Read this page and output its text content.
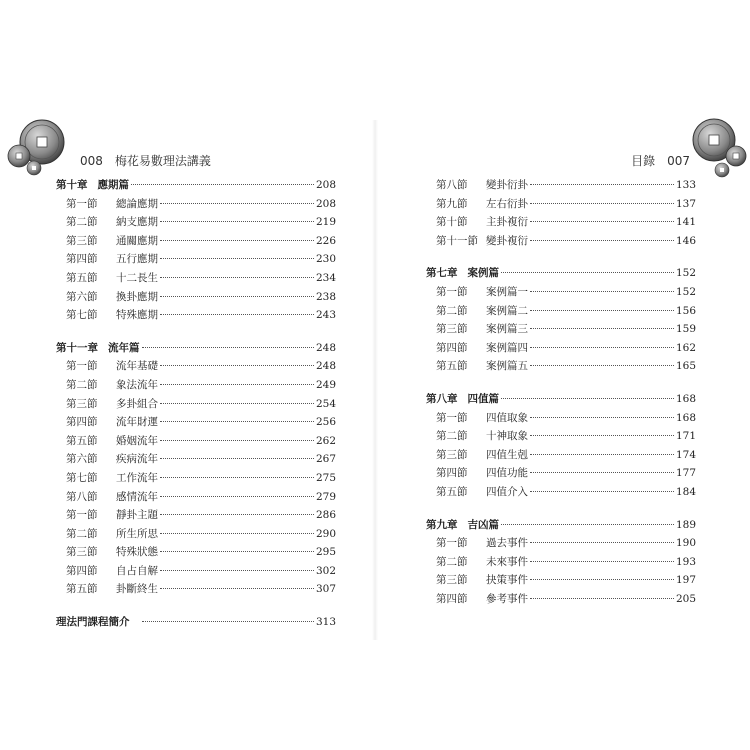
008 梅花易數理法講義	目錄 007
第十章 應期篇	208
第一節	總論應期	208
第二節	納支應期	219
第三節	通關應期	226
第四節	五行應期	230
第五節	十二長生	234
第六節	換卦應期	238
第七節	特殊應期	243
第十一章 流年篇	248
第一節	流年基礎	248
第二節	象法流年	249
第三節	多卦組合	254
第四節	流年財運	256
第五節	婚姻流年	262
第六節	疾病流年	267
第七節	工作流年	275
第八節	感情流年	279
第一節	靜卦主題	286
第二節	所生所思	290
第三節	特殊狀態	295
第四節	自占自解	302
第五節	卦斷終生	307
理法門課程簡介	313
第八節	變卦衍卦	133
第九節	左右衍卦	137
第十節	主卦複衍	141
第十一節 變卦複衍	146
第七章 案例篇	152
第一節	案例篇一	152
第二節	案例篇二	156
第三節	案例篇三	159
第四節	案例篇四	162
第五節	案例篇五	165
第八章 四值篇	168
第一節	四值取象	168
第二節	十神取象	171
第三節	四值生剋	174
第四節	四值功能	177
第五節	四值介入	184
第九章 吉凶篇	189
第一節	過去事件	190
第二節	未來事件	193
第三節	抉策事件	197
第四節	參考事件	205
